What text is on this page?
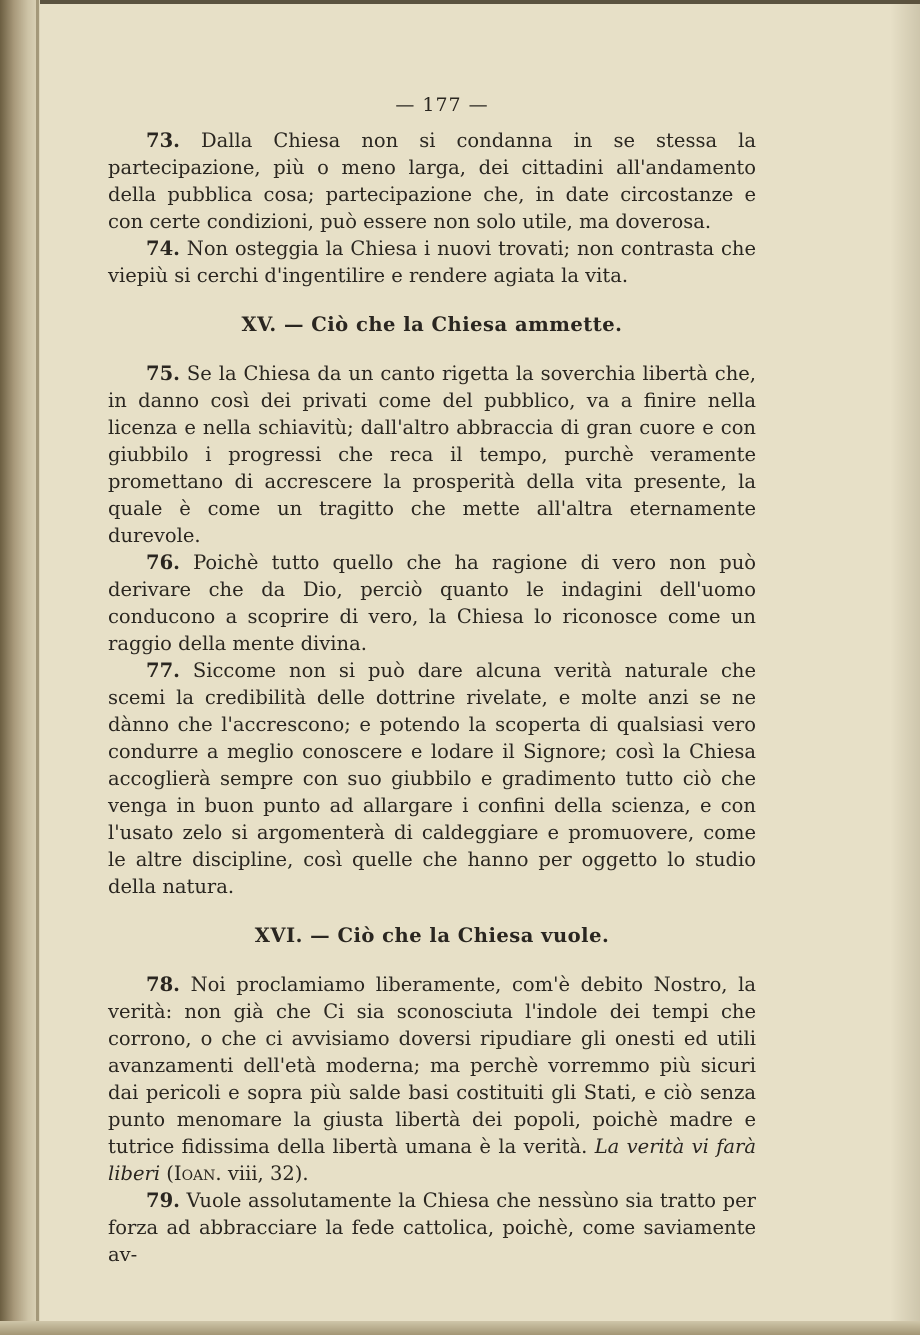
— 177 —

73. Dalla Chiesa non si condanna in se stessa la partecipazione, più o meno larga, dei cittadini all'andamento della pubblica cosa; partecipazione che, in date circostanze e con certe condizioni, può essere non solo utile, ma doverosa.

74. Non osteggia la Chiesa i nuovi trovati; non contrasta che viepiù si cerchi d'ingentilire e rendere agiata la vita.

XV. — Ciò che la Chiesa ammette.

75. Se la Chiesa da un canto rigetta la soverchia libertà che, in danno così dei privati come del pubblico, va a finire nella licenza e nella schiavitù; dall'altro abbraccia di gran cuore e con giubbilo i progressi che reca il tempo, purchè veramente promettano di accrescere la prosperità della vita presente, la quale è come un tragitto che mette all'altra eternamente durevole.

76. Poichè tutto quello che ha ragione di vero non può derivare che da Dio, perciò quanto le indagini dell'uomo conducono a scoprire di vero, la Chiesa lo riconosce come un raggio della mente divina.

77. Siccome non si può dare alcuna verità naturale che scemi la credibilità delle dottrine rivelate, e molte anzi se ne dànno che l'accrescono; e potendo la scoperta di qualsiasi vero condurre a meglio conoscere e lodare il Signore; così la Chiesa accoglierà sempre con suo giubbilo e gradimento tutto ciò che venga in buon punto ad allargare i confini della scienza, e con l'usato zelo si argomenterà di caldeggiare e promuovere, come le altre discipline, così quelle che hanno per oggetto lo studio della natura.

XVI. — Ciò che la Chiesa vuole.

78. Noi proclamiamo liberamente, com'è debito Nostro, la verità: non già che Ci sia sconosciuta l'indole dei tempi che corrono, o che ci avvisiamo doversi ripudiare gli onesti ed utili avanzamenti dell'età moderna; ma perchè vorremmo più sicuri dai pericoli e sopra più salde basi costituiti gli Stati, e ciò senza punto menomare la giusta libertà dei popoli, poichè madre e tutrice fidissima della libertà umana è la verità. La verità vi farà liberi (Ioan. viii, 32).

79. Vuole assolutamente la Chiesa che nessùno sia tratto per forza ad abbracciare la fede cattolica, poichè, come saviamente av-
